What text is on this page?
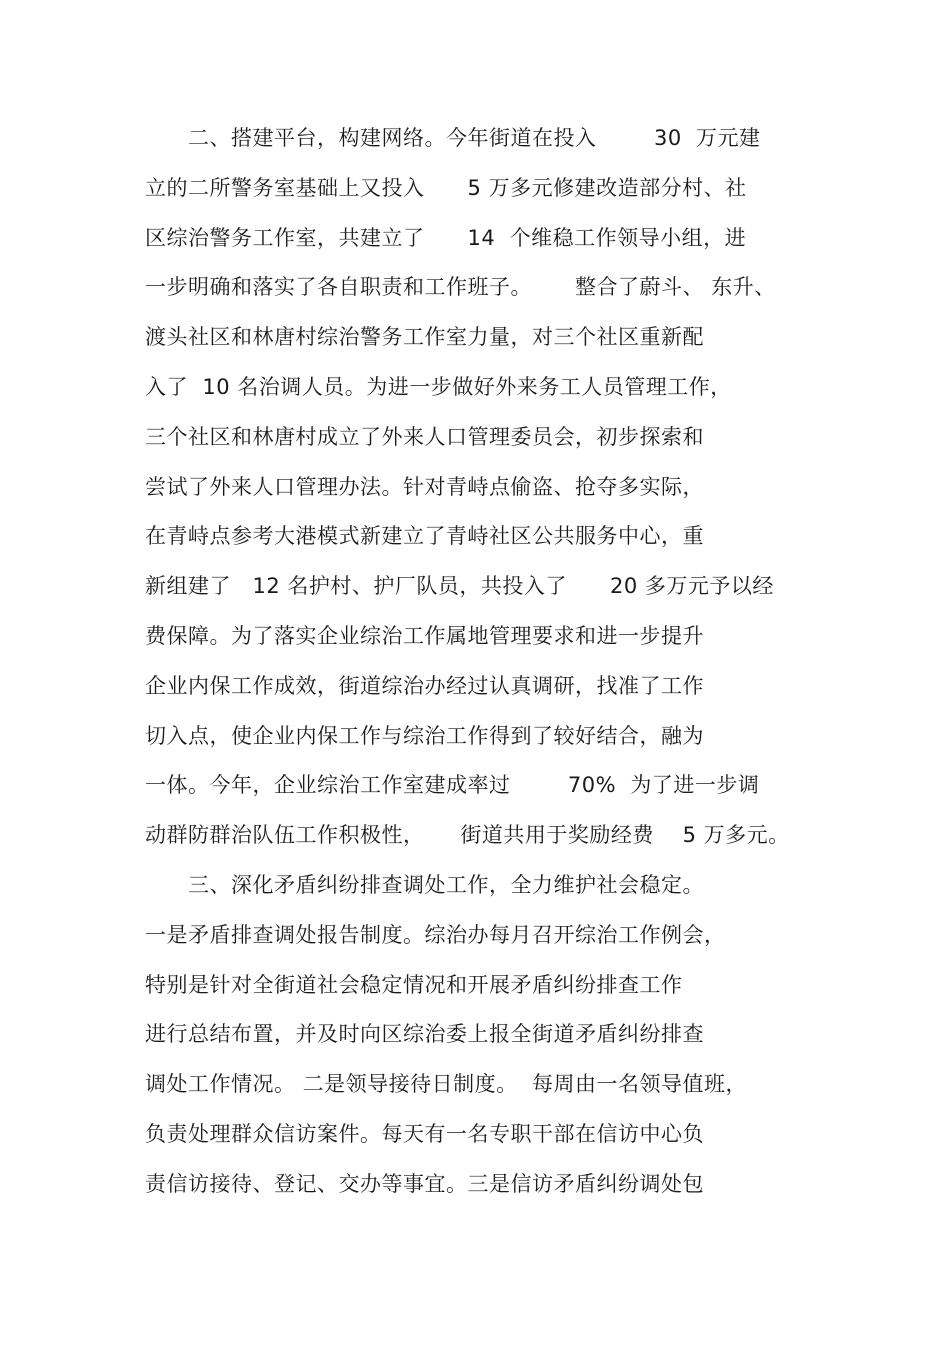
二、搭建平台，构建网络。今年街道在投入        30  万元建
立的二所警务室基础上又投入      5 万多元修建改造部分村、社
区综治警务工作室，共建立了      14  个维稳工作领导小组，进
一步明确和落实了各自职责和工作班子。      整合了蔚斗、 东升、
渡头社区和林唐村综治警务工作室力量，对三个社区重新配
入了  10 名治调人员。为进一步做好外来务工人员管理工作，
三个社区和林唐村成立了外来人口管理委员会，初步探索和
尝试了外来人口管理办法。针对青峙点偷盗、抢夺多实际，
在青峙点参考大港模式新建立了青峙社区公共服务中心，重
新组建了   12 名护村、护厂队员，共投入了      20 多万元予以经
费保障。为了落实企业综治工作属地管理要求和进一步提升
企业内保工作成效，街道综治办经过认真调研，找准了工作
切入点，使企业内保工作与综治工作得到了较好结合，融为
一体。今年，企业综治工作室建成率过        70%  为了进一步调
动群防群治队伍工作积极性，     街道共用于奖励经费    5 万多元。
三、深化矛盾纠纷排查调处工作，全力维护社会稳定。
一是矛盾排查调处报告制度。综治办每月召开综治工作例会，
特别是针对全街道社会稳定情况和开展矛盾纠纷排查工作
进行总结布置，并及时向区综治委上报全街道矛盾纠纷排查
调处工作情况。 二是领导接待日制度。  每周由一名领导值班，
负责处理群众信访案件。每天有一名专职干部在信访中心负
责信访接待、登记、交办等事宜。三是信访矛盾纠纷调处包
